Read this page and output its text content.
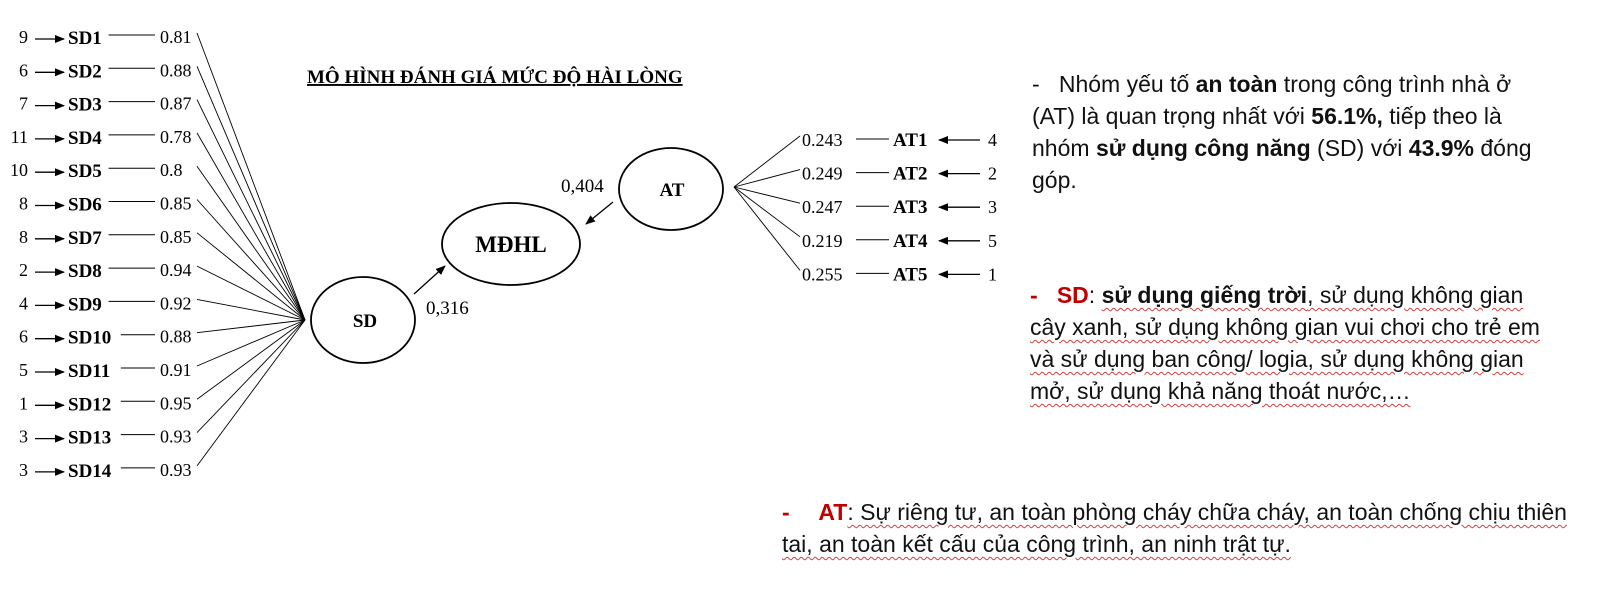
MÔ HÌNH ĐÁNH GIÁ MỨC ĐỘ HÀI LÒNG
9 SD1	0.81
6 SD2	0.88
7 SD3	0.87
11 SD4	0.78
10 SD5	0.8
8 SD6	0.85
8 SD7	0.85
2 SD8	0.94
4 SD9	0.92
6 SD10	0.88
5 SD11	0.91
1 SD12	0.95
3 SD13	0.93
3 SD14	0.93
0.243	AT1	4
0.249	AT2	2
0.247	AT3	3
0.219	AT4	5
0.255	AT5	1
MĐHL
AT
SD
0,404
0,316
- Nhóm yếu tố an toàn trong công trình nhà ở (AT) là quan trọng nhất với 56.1%, tiếp theo là nhóm sử dụng công năng (SD) với 43.9% đóng góp.
- SD: sử dụng giếng trời, sử dụng không gian cây xanh, sử dụng không gian vui chơi cho trẻ em và sử dụng ban công/ logia, sử dụng không gian mở, sử dụng khả năng thoát nước,…
- AT: Sự riêng tư, an toàn phòng cháy chữa cháy, an toàn chống chịu thiên tai, an toàn kết cấu của công trình, an ninh trật tự.
